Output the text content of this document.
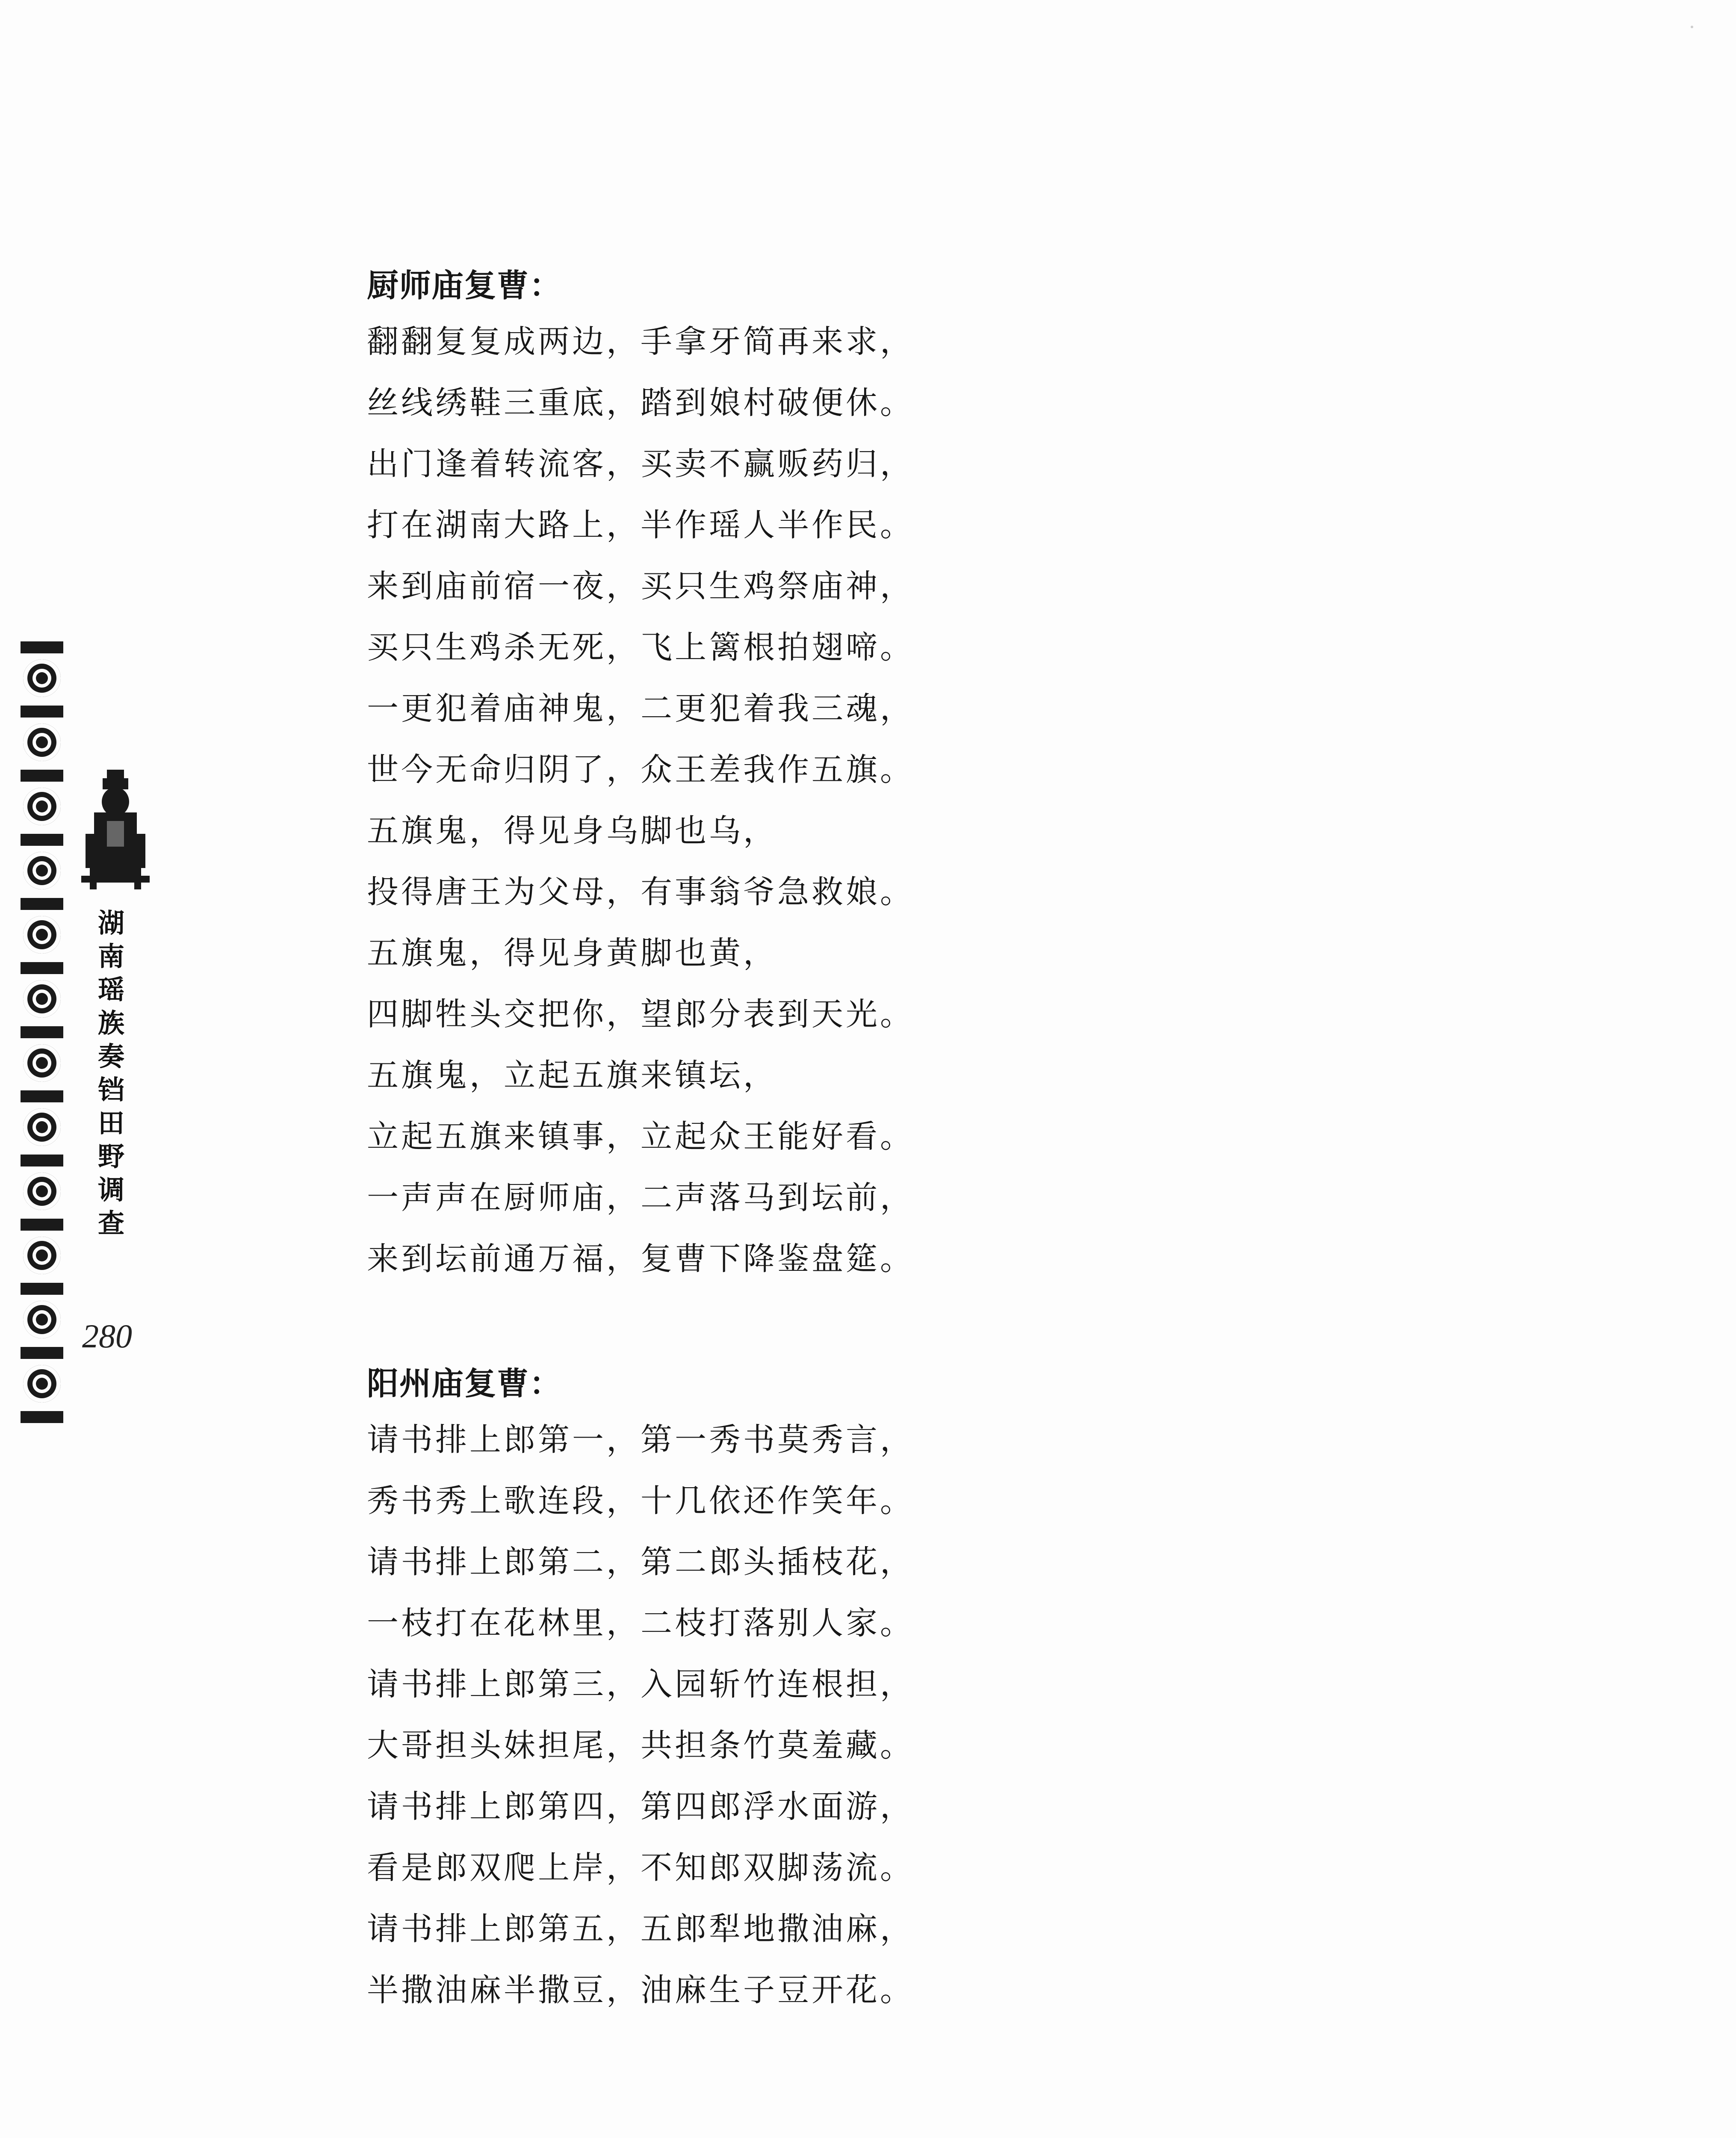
湖
南
瑶
族
奏
铛
田
野
调
查
280
厨师庙复曹：
翻翻复复成两边，手拿牙简再来求，
丝线绣鞋三重底，踏到娘村破便休。
出门逢着转流客，买卖不赢贩药归，
打在湖南大路上，半作瑶人半作民。
来到庙前宿一夜，买只生鸡祭庙神，
买只生鸡杀无死，飞上篱根拍翅啼。
一更犯着庙神鬼，二更犯着我三魂，
世今无命归阴了，众王差我作五旗。
五旗鬼，得见身乌脚也乌，
投得唐王为父母，有事翁爷急救娘。
五旗鬼，得见身黄脚也黄，
四脚牲头交把你，望郎分表到天光。
五旗鬼，立起五旗来镇坛，
立起五旗来镇事，立起众王能好看。
一声声在厨师庙，二声落马到坛前，
来到坛前通万福，复曹下降鉴盘筵。
阳州庙复曹：
请书排上郎第一，第一秀书莫秀言，
秀书秀上歌连段，十几依还作笑年。
请书排上郎第二，第二郎头插枝花，
一枝打在花林里，二枝打落别人家。
请书排上郎第三，入园斩竹连根担，
大哥担头妹担尾，共担条竹莫羞藏。
请书排上郎第四，第四郎浮水面游，
看是郎双爬上岸，不知郎双脚荡流。
请书排上郎第五，五郎犁地撒油麻，
半撒油麻半撒豆，油麻生子豆开花。
